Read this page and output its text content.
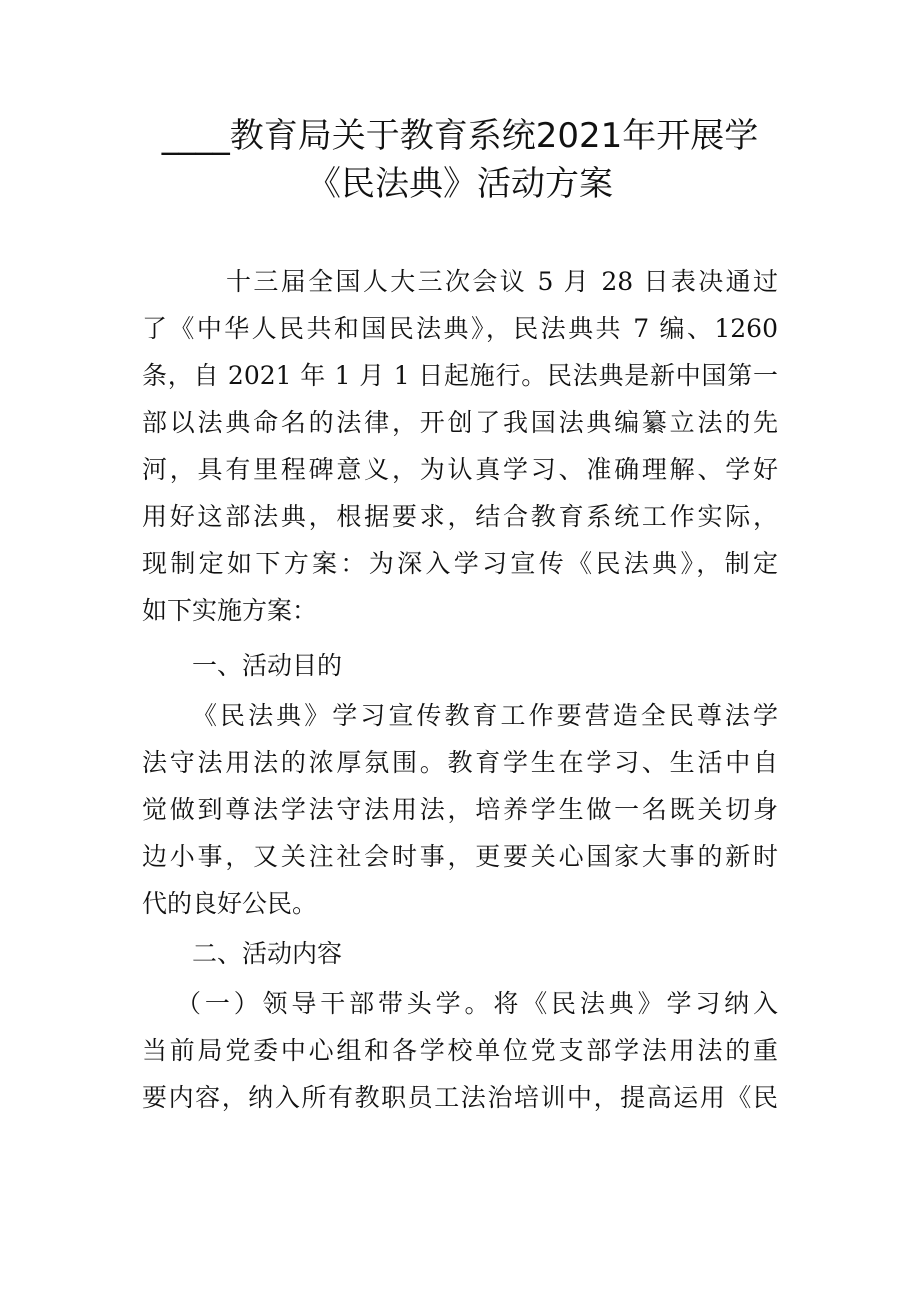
____教育局关于教育系统2021年开展学
《民法典》活动方案
十三届全国人大三次会议 5 月 28 日表决通过
了《中华人民共和国民法典》，民法典共 7 编、1260
条，自 2021 年 1 月 1 日起施行。民法典是新中国第一
部以法典命名的法律，开创了我国法典编纂立法的先
河，具有里程碑意义，为认真学习、准确理解、学好
用好这部法典，根据要求，结合教育系统工作实际，
现制定如下方案：为深入学习宣传《民法典》，制定
如下实施方案：
一、活动目的
《民法典》学习宣传教育工作要营造全民尊法学
法守法用法的浓厚氛围。教育学生在学习、生活中自
觉做到尊法学法守法用法，培养学生做一名既关切身
边小事，又关注社会时事，更要关心国家大事的新时
代的良好公民。
二、活动内容
（一）领导干部带头学。将《民法典》学习纳入
当前局党委中心组和各学校单位党支部学法用法的重
要内容，纳入所有教职员工法治培训中，提高运用《民
